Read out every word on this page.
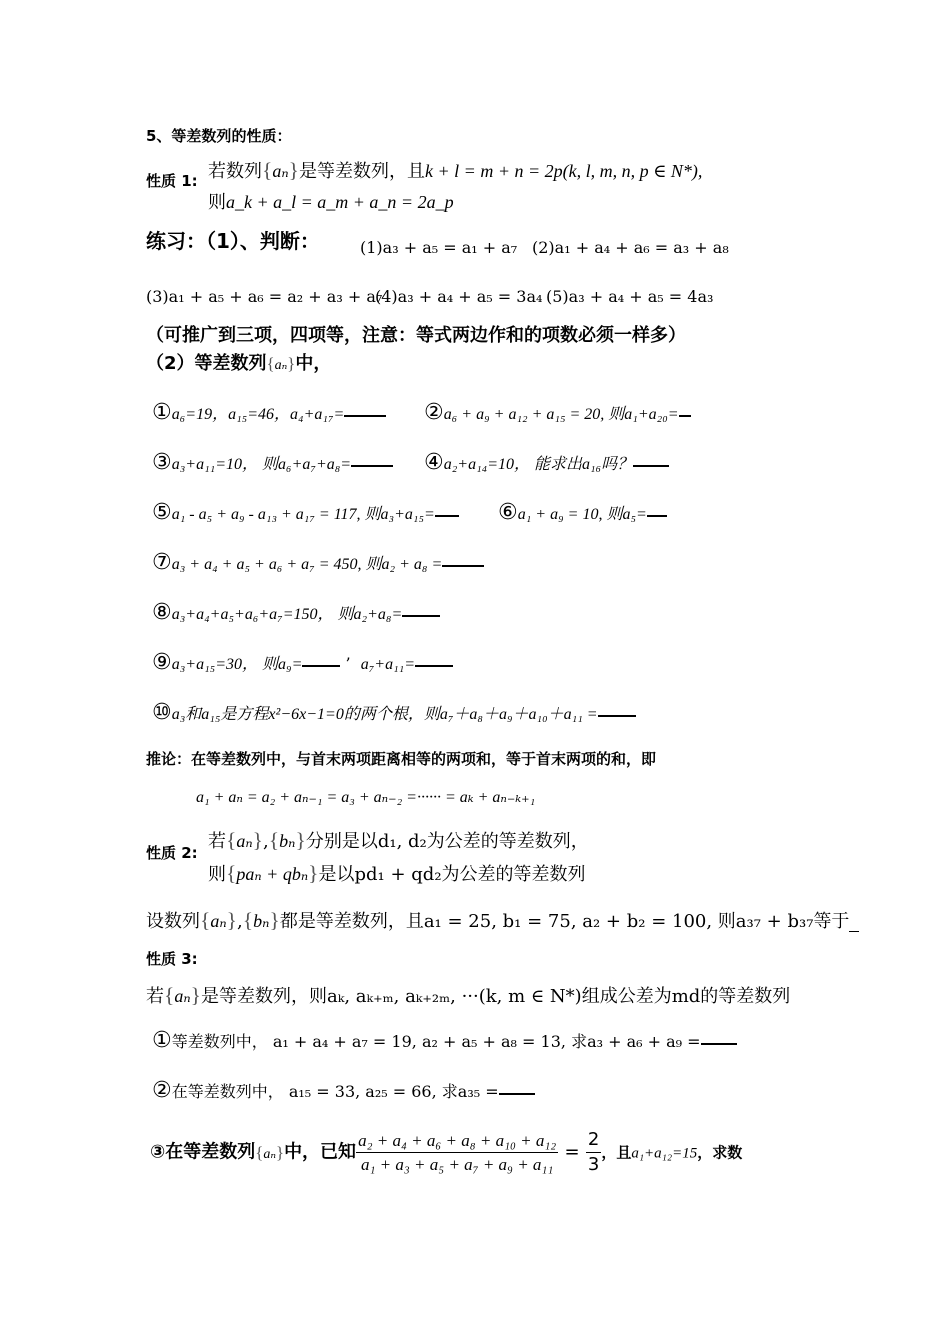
5、等差数列的性质：
性质 1: 若数列{aₙ}是等差数列，且k + l = m + n = 2p(k, l, m, n, p ∈ N*),
则a_k + a_l = a_m + a_n = 2a_p
练习：（1）、判断：	(1)a₃ + a₅ = a₁ + a₇ (2)a₁ + a₄ + a₆ = a₃ + a₈
(3)a₁ + a₅ + a₆ = a₂ + a₃ + a₇
(4)a₃ + a₄ + a₅ = 3a₄ (5)a₃ + a₄ + a₅ = 4a₃
（可推广到三项，四项等，注意：等式两边作和的项数必须一样多）
（2）等差数列{aₙ}中，
①a₆=19，a₁₅=46，a₄+a₁₇=	②a₆ + a₉ + a₁₂ + a₁₅ = 20, 则a₁+a₂₀=
③a₃+a₁₁=10， 则a₆+a₇+a₈=	④a₂+a₁₄=10， 能求出a₁₆吗？
⑤a₁ - a₅ + a₉ - a₁₃ + a₁₇ = 117, 则a₃+a₁₅=	⑥a₁ + a₉ = 10, 则a₅=
⑦a₃ + a₄ + a₅ + a₆ + a₇ = 450, 则a₂ + a₈ =
⑧a₃+a₄+a₅+a₆+a₇=150， 则a₂+a₈=
⑨a₃+a₁₅=30， 则a₉= ’  a₇+a₁₁=
⑩a₃和a₁₅是方程x²−6x−1=0的两个根，则a₇＋a₈＋a₉＋a₁₀＋a₁₁ =
推论：在等差数列中，与首末两项距离相等的两项和，等于首末两项的和，即
a₁ + aₙ = a₂ + aₙ₋₁ = a₃ + aₙ₋₂ =······ = aₖ + aₙ₋ₖ₊₁
性质 2:
若{aₙ},{bₙ}分别是以d₁, d₂为公差的等差数列，
则{paₙ + qbₙ}是以pd₁ + qd₂为公差的等差数列
设数列{aₙ},{bₙ}都是等差数列，且a₁ = 25, b₁ = 75, a₂ + b₂ = 100, 则a₃₇ + b₃₇等于
性质 3:
若{aₙ}是等差数列，则aₖ, aₖ₊ₘ, aₖ₊₂ₘ, ···(k, m ∈ N*)组成公差为md的等差数列
①等差数列中， a₁ + a₄ + a₇ = 19, a₂ + a₅ + a₈ = 13, 求a₃ + a₆ + a₉ =
②在等差数列中， a₁₅ = 33, a₂₅ = 66, 求a₃₅ =
③在等差数列{aₙ}中，已知 $\frac{\text{a₂ + a₄ + a₆ + a₈ + a₁₀ + a₁₂}}{\text{a₁ + a₃ + a₅ + a₇ + a₉ + a₁₁}} = \frac{2}{3}$ ，且a₁+a₁₂=15，求数
